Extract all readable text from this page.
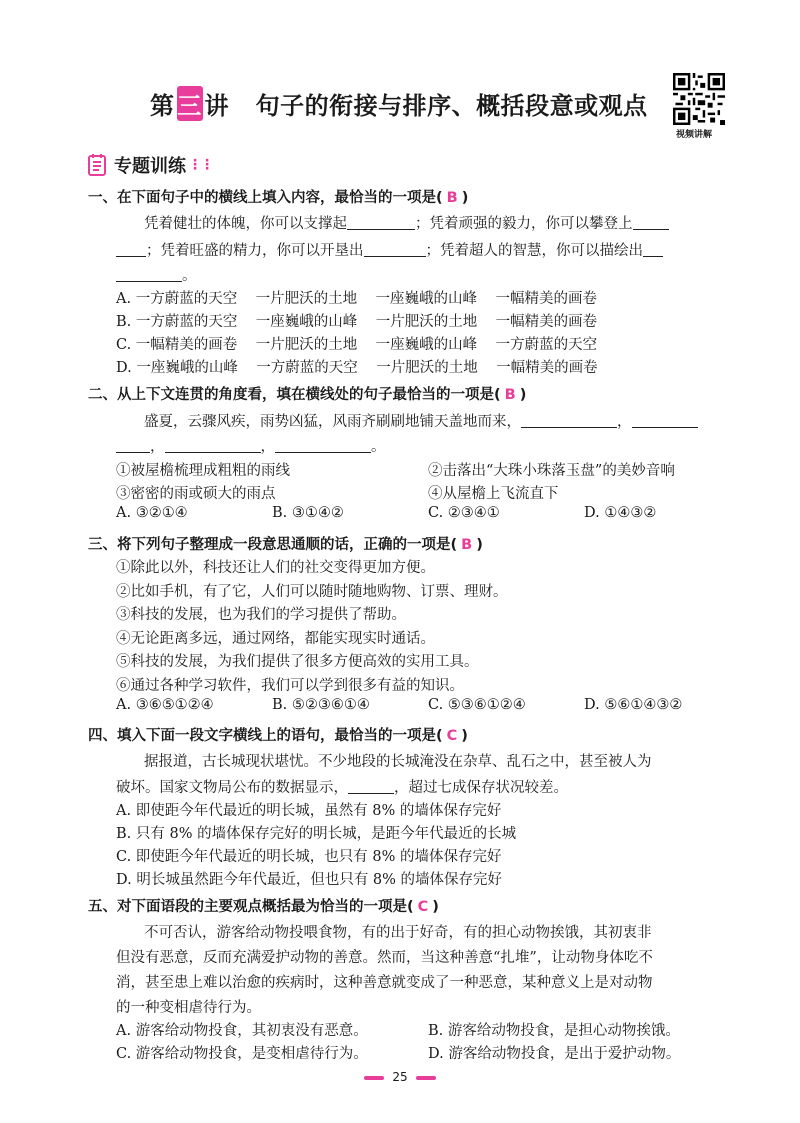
第 三 讲   句子的衔接与排序、概括段意或观点
视频讲解
专题训练 ⋮⋮
一、在下面句子中的横线上填入内容，最恰当的一项是( B )
凭着健壮的体魄，你可以支撑起	；凭着顽强的毅力，你可以攀登上
；凭着旺盛的精力，你可以开垦出	；凭着超人的智慧，你可以描绘出
。
A. 一方蔚蓝的天空    一片肥沃的土地    一座巍峨的山峰    一幅精美的画卷
B. 一方蔚蓝的天空    一座巍峨的山峰    一片肥沃的土地    一幅精美的画卷
C. 一幅精美的画卷    一片肥沃的土地    一座巍峨的山峰    一方蔚蓝的天空
D. 一座巍峨的山峰    一方蔚蓝的天空    一片肥沃的土地    一幅精美的画卷
二、从上下文连贯的角度看，填在横线处的句子最恰当的一项是( B )
盛夏，云骤风疾，雨势凶猛，风雨齐刷刷地铺天盖地而来，	，
，	，	。
①被屋檐梳理成粗粗的雨线	②击落出“大珠小珠落玉盘”的美妙音响
③密密的雨或硕大的雨点	④从屋檐上飞流直下
A. ③②①④	B. ③①④②	C. ②③④①	D. ①④③②
三、将下列句子整理成一段意思通顺的话，正确的一项是( B )
①除此以外，科技还让人们的社交变得更加方便。
②比如手机，有了它，人们可以随时随地购物、订票、理财。
③科技的发展，也为我们的学习提供了帮助。
④无论距离多远，通过网络，都能实现实时通话。
⑤科技的发展，为我们提供了很多方便高效的实用工具。
⑥通过各种学习软件，我们可以学到很多有益的知识。
A. ③⑥⑤①②④	B. ⑤②③⑥①④	C. ⑤③⑥①②④	D. ⑤⑥①④③②
四、填入下面一段文字横线上的语句，最恰当的一项是( C )
据报道，古长城现状堪忧。不少地段的长城淹没在杂草、乱石之中，甚至被人为
破坏。国家文物局公布的数据显示，	，超过七成保存状况较差。
A. 即使距今年代最近的明长城，虽然有 8% 的墙体保存完好
B. 只有 8% 的墙体保存完好的明长城，是距今年代最近的长城
C. 即使距今年代最近的明长城，也只有 8% 的墙体保存完好
D. 明长城虽然距今年代最近，但也只有 8% 的墙体保存完好
五、对下面语段的主要观点概括最为恰当的一项是( C )
不可否认，游客给动物投喂食物，有的出于好奇，有的担心动物挨饿，其初衷非
但没有恶意，反而充满爱护动物的善意。然而，当这种善意“扎堆”，让动物身体吃不
消，甚至患上难以治愈的疾病时，这种善意就变成了一种恶意，某种意义上是对动物
的一种变相虐待行为。
A. 游客给动物投食，其初衷没有恶意。	B. 游客给动物投食，是担心动物挨饿。
C. 游客给动物投食，是变相虐待行为。	D. 游客给动物投食，是出于爱护动物。
25
